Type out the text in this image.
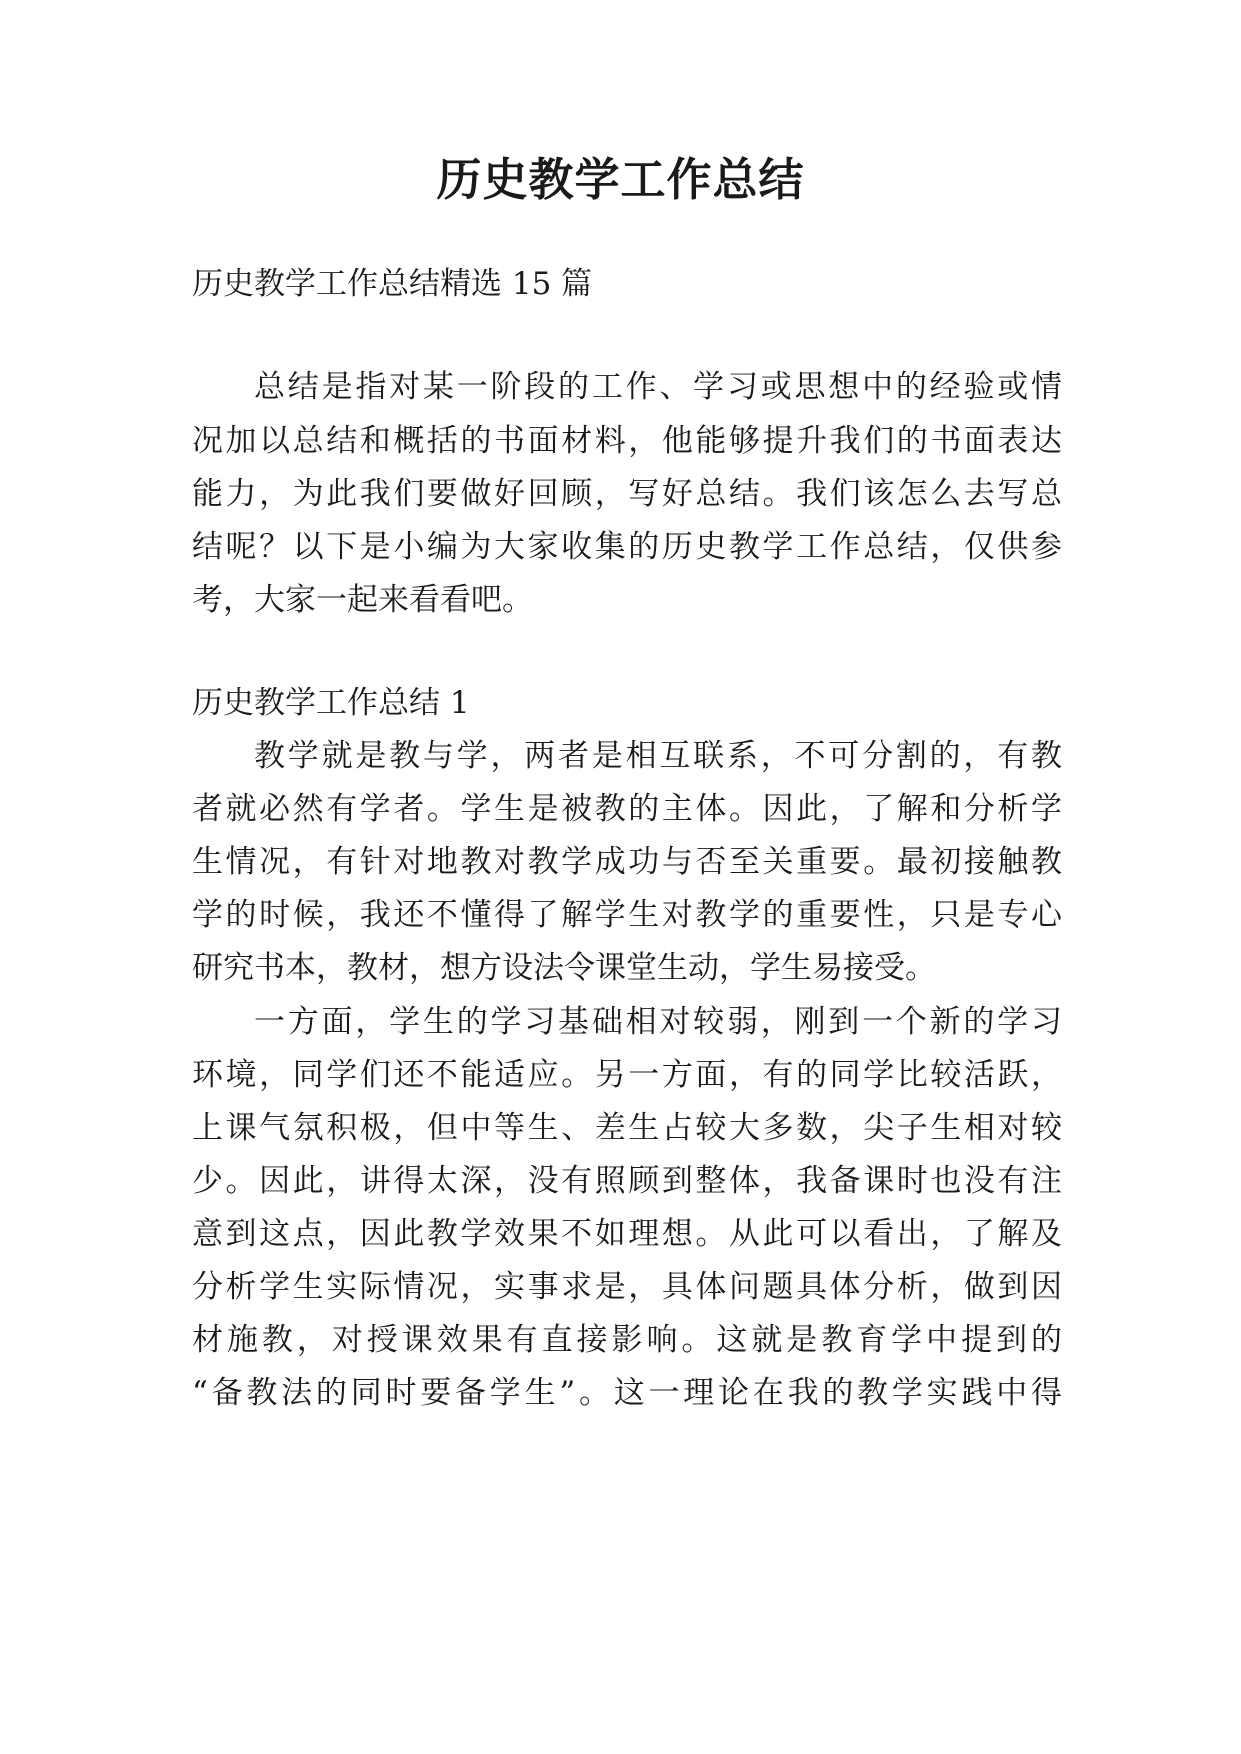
历史教学工作总结

历史教学工作总结精选 15 篇

总结是指对某一阶段的工作、学习或思想中的经验或情

况加以总结和概括的书面材料，他能够提升我们的书面表达

能力，为此我们要做好回顾，写好总结。我们该怎么去写总

结呢？以下是小编为大家收集的历史教学工作总结，仅供参

考，大家一起来看看吧。

历史教学工作总结 1

教学就是教与学，两者是相互联系，不可分割的，有教

者就必然有学者。学生是被教的主体。因此，了解和分析学

生情况，有针对地教对教学成功与否至关重要。最初接触教

学的时候，我还不懂得了解学生对教学的重要性，只是专心

研究书本，教材，想方设法令课堂生动，学生易接受。

一方面，学生的学习基础相对较弱，刚到一个新的学习

环境，同学们还不能适应。另一方面，有的同学比较活跃，

上课气氛积极，但中等生、差生占较大多数，尖子生相对较

少。因此，讲得太深，没有照顾到整体，我备课时也没有注

意到这点，因此教学效果不如理想。从此可以看出，了解及

分析学生实际情况，实事求是，具体问题具体分析，做到因

材施教，对授课效果有直接影响。这就是教育学中提到的

“备教法的同时要备学生”。这一理论在我的教学实践中得
